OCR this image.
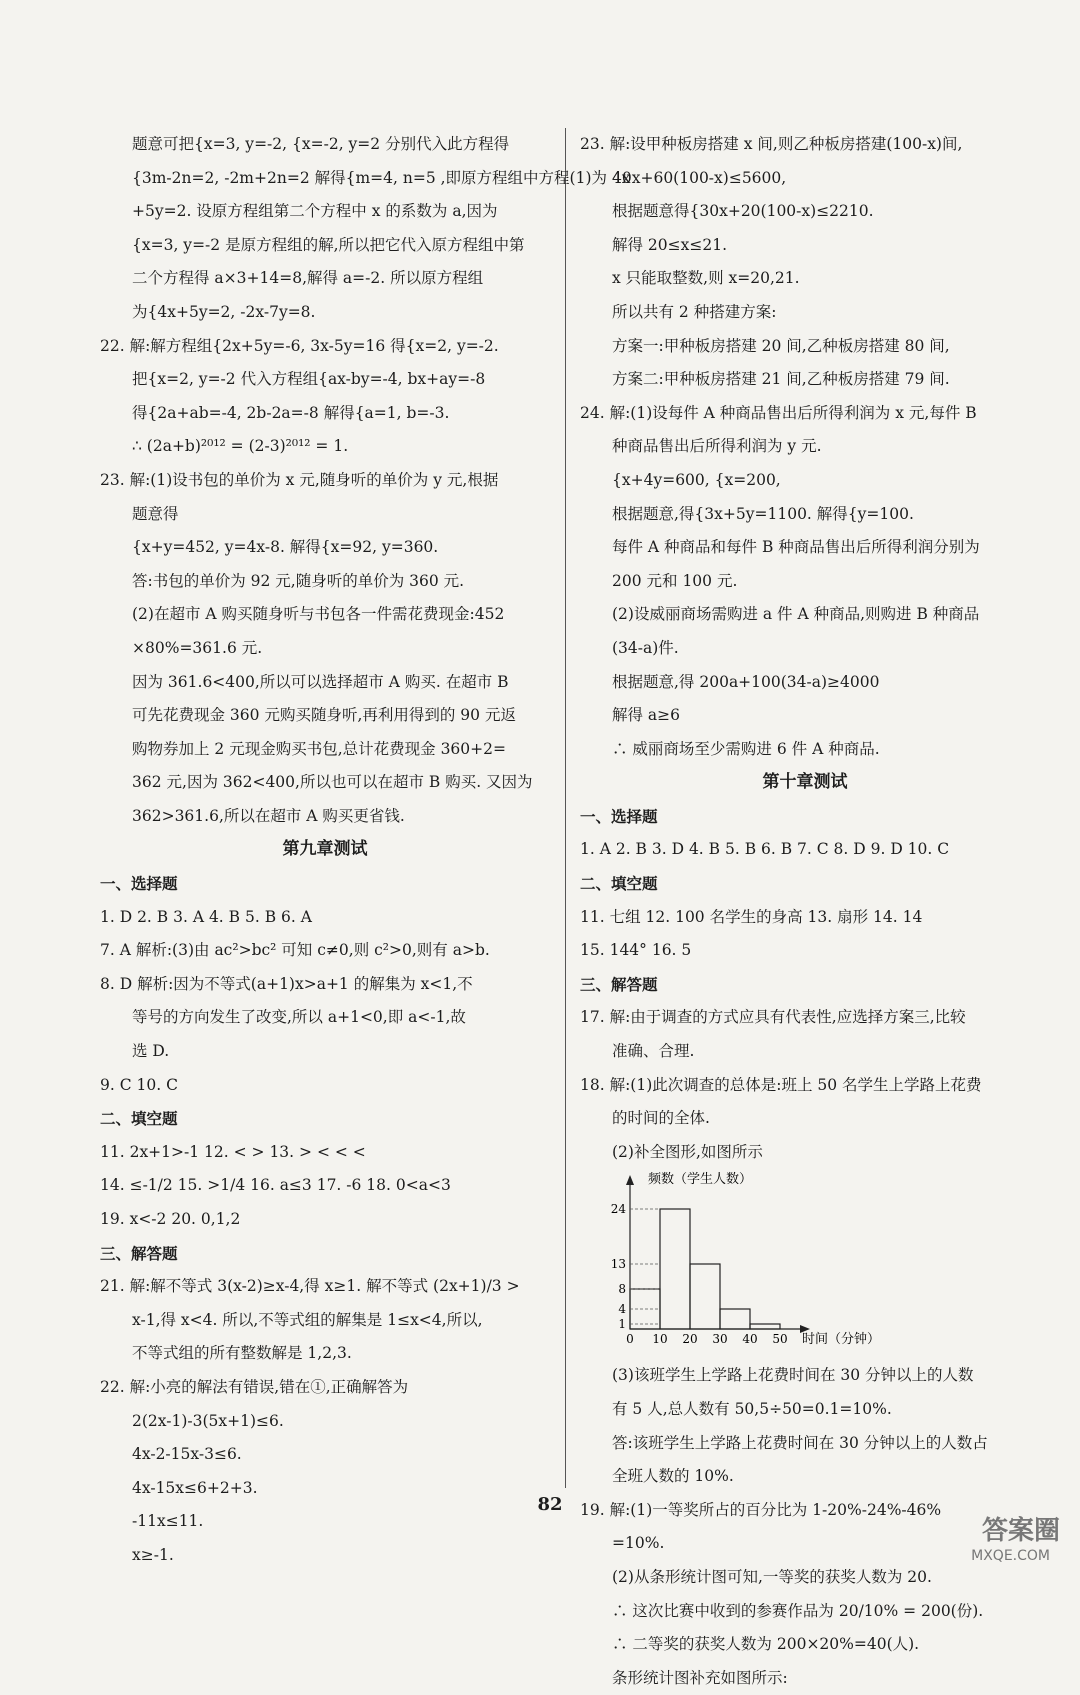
题意可把{x=3, y=-2, {x=-2, y=2 分别代入此方程得
{3m-2n=2, -2m+2n=2 解得{m=4, n=5 ,即原方程组中方程(1)为 4x
+5y=2. 设原方程组第二个方程中 x 的系数为 a,因为
{x=3, y=-2 是原方程组的解,所以把它代入原方程组中第
二个方程得 a×3+14=8,解得 a=-2. 所以原方程组
为{4x+5y=2, -2x-7y=8.
22. 解:解方程组{2x+5y=-6, 3x-5y=16 得{x=2, y=-2.
把{x=2, y=-2 代入方程组{ax-by=-4, bx+ay=-8
得{2a+ab=-4, 2b-2a=-8 解得{a=1, b=-3.
∴ (2a+b)²⁰¹² = (2-3)²⁰¹² = 1.
23. 解:(1)设书包的单价为 x 元,随身听的单价为 y 元,根据
题意得
{x+y=452, y=4x-8. 解得{x=92, y=360.
答:书包的单价为 92 元,随身听的单价为 360 元.
(2)在超市 A 购买随身听与书包各一件需花费现金:452
×80%=361.6 元.
因为 361.6<400,所以可以选择超市 A 购买. 在超市 B
可先花费现金 360 元购买随身听,再利用得到的 90 元返
购物券加上 2 元现金购买书包,总计花费现金 360+2=
362 元,因为 362<400,所以也可以在超市 B 购买. 又因为
362>361.6,所以在超市 A 购买更省钱.
第九章测试
一、选择题
1. D 2. B 3. A 4. B 5. B 6. A
7. A 解析:(3)由 ac²>bc² 可知 c≠0,则 c²>0,则有 a>b.
8. D 解析:因为不等式(a+1)x>a+1 的解集为 x<1,不
等号的方向发生了改变,所以 a+1<0,即 a<-1,故
选 D.
9. C 10. C
二、填空题
11. 2x+1>-1 12. < > 13. > < < <
14. ≤-1/2 15. >1/4 16. a≤3 17. -6 18. 0<a<3
19. x<-2 20. 0,1,2
三、解答题
21. 解:解不等式 3(x-2)≥x-4,得 x≥1. 解不等式 (2x+1)/3 >
x-1,得 x<4. 所以,不等式组的解集是 1≤x<4,所以,
不等式组的所有整数解是 1,2,3.
22. 解:小亮的解法有错误,错在①,正确解答为
2(2x-1)-3(5x+1)≤6.
4x-2-15x-3≤6.
4x-15x≤6+2+3.
-11x≤11.
x≥-1.
23. 解:设甲种板房搭建 x 间,则乙种板房搭建(100-x)间,
40x+60(100-x)≤5600,
根据题意得{30x+20(100-x)≤2210.
解得 20≤x≤21.
x 只能取整数,则 x=20,21.
所以共有 2 种搭建方案:
方案一:甲种板房搭建 20 间,乙种板房搭建 80 间,
方案二:甲种板房搭建 21 间,乙种板房搭建 79 间.
24. 解:(1)设每件 A 种商品售出后所得利润为 x 元,每件 B
种商品售出后所得利润为 y 元.
{x+4y=600, {x=200,
根据题意,得{3x+5y=1100. 解得{y=100.
每件 A 种商品和每件 B 种商品售出后所得利润分别为
200 元和 100 元.
(2)设威丽商场需购进 a 件 A 种商品,则购进 B 种商品
(34-a)件.
根据题意,得 200a+100(34-a)≥4000
解得 a≥6
∴ 威丽商场至少需购进 6 件 A 种商品.
第十章测试
一、选择题
1. A 2. B 3. D 4. B 5. B 6. B 7. C 8. D 9. D 10. C
二、填空题
11. 七组 12. 100 名学生的身高 13. 扇形 14. 14
15. 144° 16. 5
三、解答题
17. 解:由于调查的方式应具有代表性,应选择方案三,比较
准确、合理.
18. 解:(1)此次调查的总体是:班上 50 名学生上学路上花费
的时间的全体.
(2)补全图形,如图所示
1
4
8
13
24
0 10 20 30 40 50
频数（学生人数）
时间（分钟）
(3)该班学生上学路上花费时间在 30 分钟以上的人数
有 5 人,总人数有 50,5÷50=0.1=10%.
答:该班学生上学路上花费时间在 30 分钟以上的人数占
全班人数的 10%.
19. 解:(1)一等奖所占的百分比为 1-20%-24%-46%
=10%.
(2)从条形统计图可知,一等奖的获奖人数为 20.
∴ 这次比赛中收到的参赛作品为 20/10% = 200(份).
∴ 二等奖的获奖人数为 200×20%=40(人).
条形统计图补充如图所示:
82
答案圈
MXQE.COM
